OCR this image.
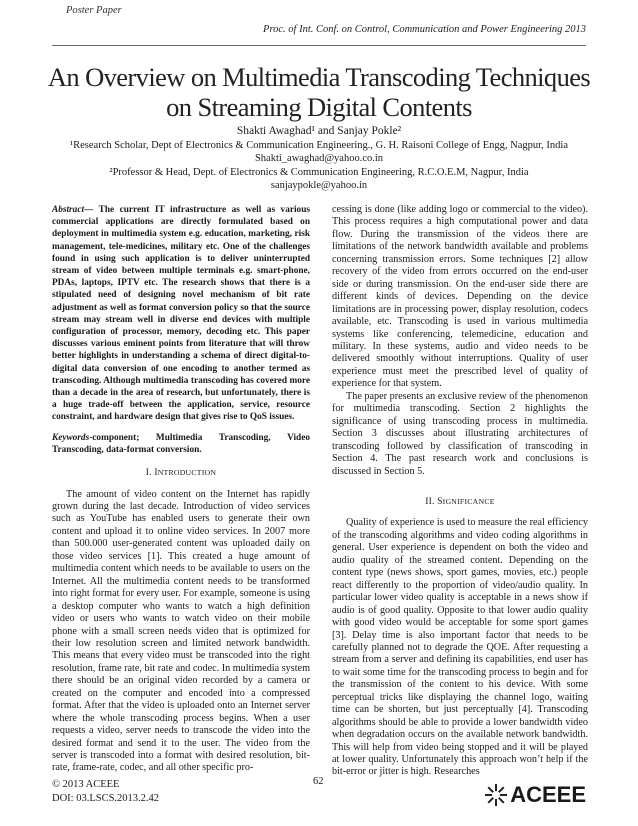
Poster Paper
Proc. of Int. Conf. on Control, Communication and Power Engineering 2013
An Overview on Multimedia Transcoding Techniques
on Streaming Digital Contents
Shakti Awaghad¹ and Sanjay Pokle²
¹Research Scholar, Dept of Electronics & Communication Engineering., G. H. Raisoni College of Engg, Nagpur, India
Shakti_awaghad@yahoo.co.in
²Professor & Head, Dept. of Electronics & Communication Engineering, R.C.O.E.M, Nagpur, India
sanjaypokle@yahoo.in
Abstract— The current IT infrastructure as well as various commercial applications are directly formulated based on deployment in multimedia system e.g. education, marketing, risk management, tele-medicines, military etc. One of the challenges found in using such application is to deliver uninterrupted stream of video between multiple terminals e.g. smart-phone, PDAs, laptops, IPTV etc. The research shows that there is a stipulated need of designing novel mechanism of bit rate adjustment as well as format conversion policy so that the source stream may stream well in diverse end devices with multiple configuration of processor, memory, decoding etc. This paper discusses various eminent points from literature that will throw better highlights in understanding a schema of direct digital-to-digital data conversion of one encoding to another termed as transcoding. Although multimedia transcoding has covered more than a decade in the area of research, but unfortunately, there is a huge trade-off between the application, service, resource constraint, and hardware design that gives rise to QoS issues.
Keywords-component; Multimedia Transcoding, Video Transcoding, data-format conversion.
I. INTRODUCTION

The amount of video content on the Internet has rapidly grown during the last decade. Introduction of video services such as YouTube has enabled users to generate their own content and upload it to online video services. In 2007 more than 500.000 user-generated content was uploaded daily on those video services [1]. This created a huge amount of multimedia content which needs to be available to users on the Internet. All the multimedia content needs to be transformed into right format for every user. For example, someone is using a desktop computer who wants to watch a high definition video or users who wants to watch video on their mobile phone with a small screen needs video that is optimized for their low resolution screen and limited network bandwidth. This means that every video must be transcoded into the right resolution, frame rate, bit rate and codec. In multimedia system there should be an original video recorded by a camera or created on the computer and encoded into a compressed format. After that the video is uploaded onto an Internet server where the whole transcoding process begins. When a user requests a video, server needs to transcode the video into the desired format and send it to the user. The video from the server is transcoded into a format with desired resolution, bit-rate, frame-rate, codec, and all other specific pro-

cessing is done (like adding logo or commercial to the video). This process requires a high computational power and data flow. During the transmission of the videos there are limitations of the network bandwidth available and problems concerning transmission errors. Some techniques [2] allow recovery of the video from errors occurred on the end-user side or during transmission. On the end-user side there are different kinds of devices. Depending on the device limitations are in processing power, display resolution, codecs available, etc. Transcoding is used in various multimedia systems like conferencing, telemedicine, education and military. In these systems, audio and video needs to be delivered smoothly without interruptions. Quality of user experience must meet the prescribed level of quality of experience for that system.

The paper presents an exclusive review of the phenomenon for multimedia transcoding. Section 2 highlights the significance of using transcoding process in multimedia. Section 3 discusses about illustrating architectures of transcoding followed by classification of transcoding in Section 4. The past research work and conclusions is discussed in Section 5.

II. SIGNIFICANCE

Quality of experience is used to measure the real efficiency of the transcoding algorithms and video coding algorithms in general. User experience is dependent on both the video and audio quality of the streamed content. Depending on the content type (news shows, sport games, movies, etc.) people react differently to the proportion of video/audio quality. In particular lower video quality is acceptable in a news show if audio is of good quality. Opposite to that lower audio quality with good video would be acceptable for some sport games [3]. Delay time is also important factor that needs to be carefully planned not to degrade the QOE. After requesting a stream from a server and defining its capabilities, end user has to wait some time for the transcoding process to begin and for the transmission of the content to his device. With some perceptual tricks like displaying the channel logo, waiting time can be shorten, but just perceptually [4]. Transcoding algorithms should be able to provide a lower bandwidth video when degradation occurs on the available network bandwidth. This will help from video being stopped and it will be played at lower quality. Unfortunately this approach won’t help if the bit-error or jitter is high. Researches

© 2013 ACEEE
DOI: 03.LSCS.2013.2.42
62
ACEEE
